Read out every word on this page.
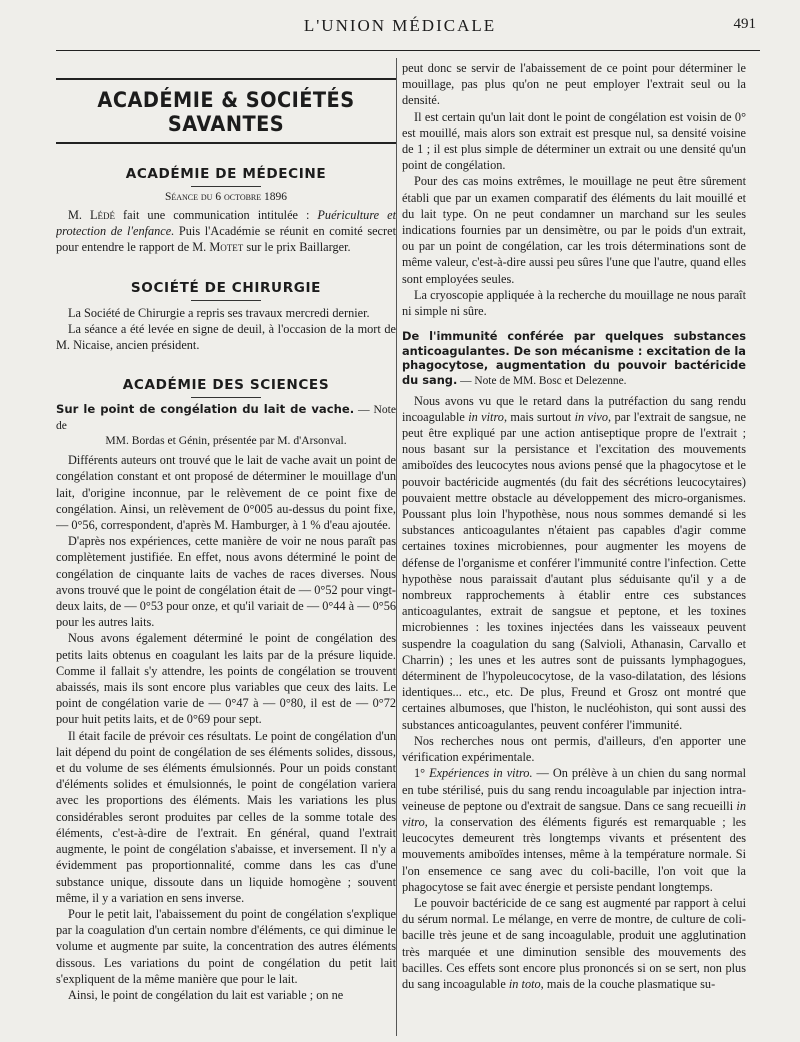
L'UNION MÉDICALE	491
ACADÉMIE & SOCIÉTÉS SAVANTES
ACADÉMIE DE MÉDECINE
Séance du 6 octobre 1896

M. Lédé fait une communication intitulée : Puériculture et protection de l'enfance. Puis l'Académie se réunit en comité secret pour entendre le rapport de M. Motet sur le prix Baillarger.

SOCIÉTÉ DE CHIRURGIE

La Société de Chirurgie a repris ses travaux mercredi dernier.

La séance a été levée en signe de deuil, à l'occasion de la mort de M. Nicaise, ancien président.

ACADÉMIE DES SCIENCES

Sur le point de congélation du lait de vache. — Note de

MM. Bordas et Génin, présentée par M. d'Arsonval.

Différents auteurs ont trouvé que le lait de vache avait un point de congélation constant et ont proposé de déterminer le mouillage d'un lait, d'origine inconnue, par le relèvement de ce point fixe de congélation. Ainsi, un relèvement de 0°005 au-dessus du point fixe, — 0°56, correspondent, d'après M. Hamburger, à 1 % d'eau ajoutée.

D'après nos expériences, cette manière de voir ne nous paraît pas complètement justifiée. En effet, nous avons déterminé le point de congélation de cinquante laits de vaches de races diverses. Nous avons trouvé que le point de congélation était de — 0°52 pour vingt-deux laits, de — 0°53 pour onze, et qu'il variait de — 0°44 à — 0°56 pour les autres laits.

Nous avons également déterminé le point de congélation des petits laits obtenus en coagulant les laits par de la présure liquide. Comme il fallait s'y attendre, les points de congélation se trouvent abaissés, mais ils sont encore plus variables que ceux des laits. Le point de congélation varie de — 0°47 à — 0°80, il est de — 0°72 pour huit petits laits, et de 0°69 pour sept.

Il était facile de prévoir ces résultats. Le point de congélation d'un lait dépend du point de congélation de ses éléments solides, dissous, et du volume de ses éléments émulsionnés. Pour un poids constant d'éléments solides et émulsionnés, le point de congélation variera avec les proportions des éléments. Mais les variations les plus considérables seront produites par celles de la somme totale des éléments, c'est-à-dire de l'extrait. En général, quand l'extrait augmente, le point de congélation s'abaisse, et inversement. Il n'y a évidemment pas proportionnalité, comme dans les cas d'une substance unique, dissoute dans un liquide homogène ; souvent même, il y a variation en sens inverse.

Pour le petit lait, l'abaissement du point de congélation s'explique par la coagulation d'un certain nombre d'éléments, ce qui diminue le volume et augmente par suite, la concentration des autres éléments dissous. Les variations du point de congélation du petit lait s'expliquent de la même manière que pour le lait.

Ainsi, le point de congélation du lait est variable ; on ne

peut donc se servir de l'abaissement de ce point pour déterminer le mouillage, pas plus qu'on ne peut employer l'extrait seul ou la densité.

Il est certain qu'un lait dont le point de congélation est voisin de 0° est mouillé, mais alors son extrait est presque nul, sa densité voisine de 1 ; il est plus simple de déterminer un extrait ou une densité qu'un point de congélation.

Pour des cas moins extrêmes, le mouillage ne peut être sûrement établi que par un examen comparatif des éléments du lait mouillé et du lait type. On ne peut condamner un marchand sur les seules indications fournies par un densimètre, ou par le poids d'un extrait, ou par un point de congélation, car les trois déterminations sont de même valeur, c'est-à-dire aussi peu sûres l'une que l'autre, quand elles sont employées seules.

La cryoscopie appliquée à la recherche du mouillage ne nous paraît ni simple ni sûre.

De l'immunité conférée par quelques substances anticoagulantes. De son mécanisme : excitation de la phagocytose, augmentation du pouvoir bactéricide du sang. — Note de MM. Bosc et Delezenne.

Nous avons vu que le retard dans la putréfaction du sang rendu incoagulable in vitro, mais surtout in vivo, par l'extrait de sangsue, ne peut être expliqué par une action antiseptique propre de l'extrait ; nous basant sur la persistance et l'excitation des mouvements amiboïdes des leucocytes nous avions pensé que la phagocytose et le pouvoir bactéricide augmentés (du fait des sécrétions leucocytaires) pouvaient mettre obstacle au développement des micro-organismes. Poussant plus loin l'hypothèse, nous nous sommes demandé si les substances anticoagulantes n'étaient pas capables d'agir comme certaines toxines microbiennes, pour augmenter les moyens de défense de l'organisme et conférer l'immunité contre l'infection. Cette hypothèse nous paraissait d'autant plus séduisante qu'il y a de nombreux rapprochements à établir entre ces substances anticoagulantes, extrait de sangsue et peptone, et les toxines microbiennes : les toxines injectées dans les vaisseaux peuvent suspendre la coagulation du sang (Salvioli, Athanasin, Carvallo et Charrin) ; les unes et les autres sont de puissants lymphagogues, déterminent de l'hypoleucocytose, de la vaso-dilatation, des lésions identiques... etc., etc. De plus, Freund et Grosz ont montré que certaines albumoses, que l'histon, le nucléohiston, qui sont aussi des substances anticoagulantes, peuvent conférer l'immunité.

Nos recherches nous ont permis, d'ailleurs, d'en apporter une vérification expérimentale.

1° Expériences in vitro. — On prélève à un chien du sang normal en tube stérilisé, puis du sang rendu incoagulable par injection intra-veineuse de peptone ou d'extrait de sangsue. Dans ce sang recueilli in vitro, la conservation des éléments figurés est remarquable ; les leucocytes demeurent très longtemps vivants et présentent des mouvements amiboïdes intenses, même à la température normale. Si l'on ensemence ce sang avec du coli-bacille, l'on voit que la phagocytose se fait avec énergie et persiste pendant longtemps.

Le pouvoir bactéricide de ce sang est augmenté par rapport à celui du sérum normal. Le mélange, en verre de montre, de culture de coli-bacille très jeune et de sang incoagulable, produit une agglutination très marquée et une diminution sensible des mouvements des bacilles. Ces effets sont encore plus prononcés si on se sert, non plus du sang incoagulable in toto, mais de la couche plasmatique su-
